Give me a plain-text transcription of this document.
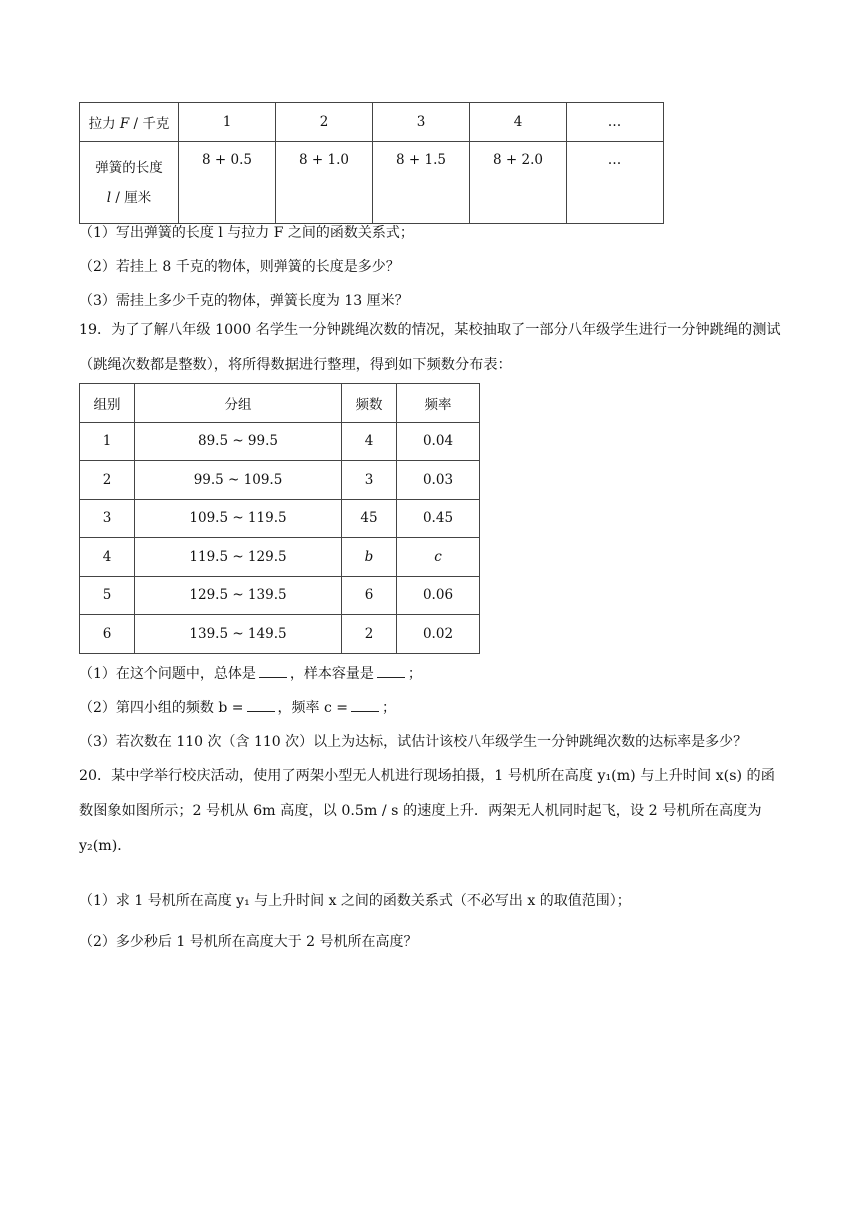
拉力 F / 千克	1	2	3	4	…
弹簧的长度
l / 厘米	8 + 0.5	8 + 1.0	8 + 1.5	8 + 2.0	…
（1）写出弹簧的长度 l 与拉力 F 之间的函数关系式；
（2）若挂上 8 千克的物体，则弹簧的长度是多少？
（3）需挂上多少千克的物体，弹簧长度为 13 厘米？
19．为了了解八年级 1000 名学生一分钟跳绳次数的情况，某校抽取了一部分八年级学生进行一分钟跳绳的测试（跳绳次数都是整数），将所得数据进行整理，得到如下频数分布表：
组别	分组	频数	频率
1	89.5 ~ 99.5	4	0.04
2	99.5 ~ 109.5	3	0.03
3	109.5 ~ 119.5	45	0.45
4	119.5 ~ 129.5	b	c
5	129.5 ~ 139.5	6	0.06
6	139.5 ~ 149.5	2	0.02
（1）在这个问题中，总体是 ，样本容量是 ；
（2）第四小组的频数 b = ，频率 c = ；
（3）若次数在 110 次（含 110 次）以上为达标，试估计该校八年级学生一分钟跳绳次数的达标率是多少？
20．某中学举行校庆活动，使用了两架小型无人机进行现场拍摄，1 号机所在高度 y₁(m) 与上升时间 x(s) 的函数图象如图所示；2 号机从 6m 高度，以 0.5m / s 的速度上升．两架无人机同时起飞，设 2 号机所在高度为 y₂(m)．
（1）求 1 号机所在高度 y₁ 与上升时间 x 之间的函数关系式（不必写出 x 的取值范围）；
（2）多少秒后 1 号机所在高度大于 2 号机所在高度？
